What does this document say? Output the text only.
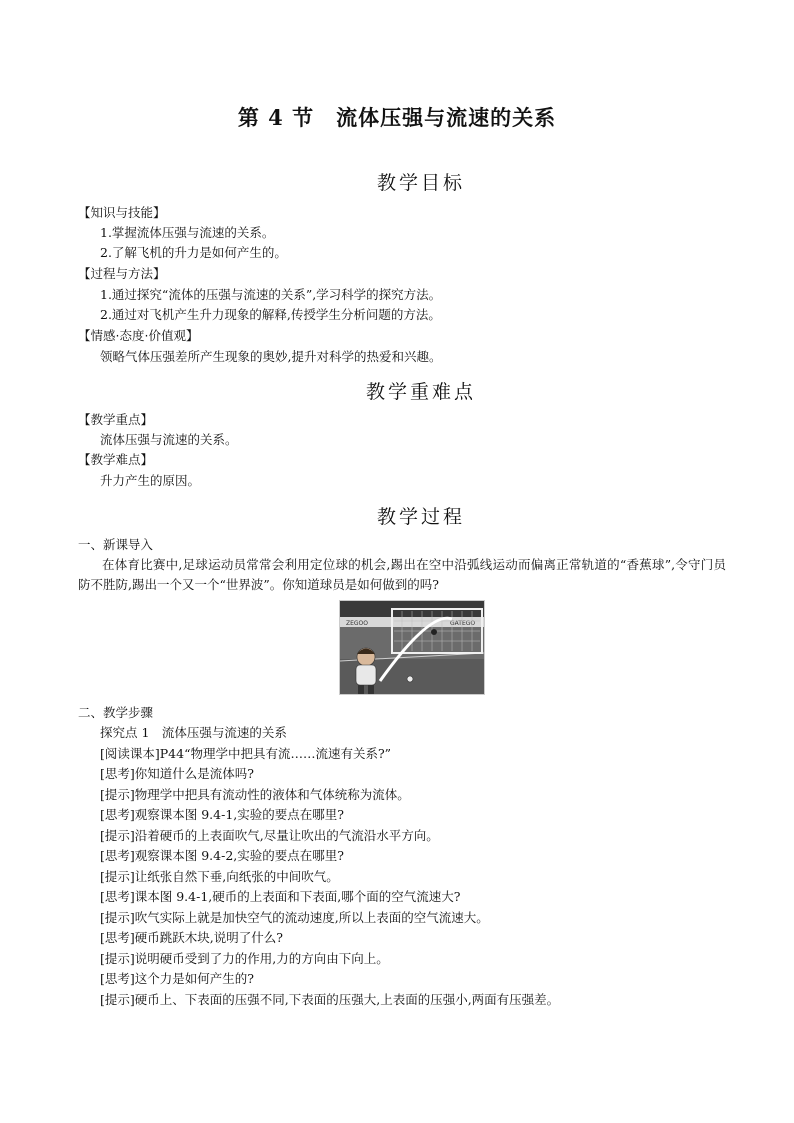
第 4 节　流体压强与流速的关系
教学目标
【知识与技能】
1.掌握流体压强与流速的关系。
2.了解飞机的升力是如何产生的。
【过程与方法】
1.通过探究“流体的压强与流速的关系”,学习科学的探究方法。
2.通过对飞机产生升力现象的解释,传授学生分析问题的方法。
【情感·态度·价值观】
领略气体压强差所产生现象的奥妙,提升对科学的热爱和兴趣。
教学重难点
【教学重点】
流体压强与流速的关系。
【教学难点】
升力产生的原因。
教学过程
一、新课导入
在体育比赛中,足球运动员常常会利用定位球的机会,踢出在空中沿弧线运动而偏离正常轨道的“香蕉球”,令守门员防不胜防,踢出一个又一个“世界波”。你知道球员是如何做到的吗?
ZEGOO	GATEGO
二、教学步骤
探究点 1　流体压强与流速的关系
[阅读课本]P44“物理学中把具有流……流速有关系?”
[思考]你知道什么是流体吗?
[提示]物理学中把具有流动性的液体和气体统称为流体。
[思考]观察课本图 9.4-1,实验的要点在哪里?
[提示]沿着硬币的上表面吹气,尽量让吹出的气流沿水平方向。
[思考]观察课本图 9.4-2,实验的要点在哪里?
[提示]让纸张自然下垂,向纸张的中间吹气。
[思考]课本图 9.4-1,硬币的上表面和下表面,哪个面的空气流速大?
[提示]吹气实际上就是加快空气的流动速度,所以上表面的空气流速大。
[思考]硬币跳跃木块,说明了什么?
[提示]说明硬币受到了力的作用,力的方向由下向上。
[思考]这个力是如何产生的?
[提示]硬币上、下表面的压强不同,下表面的压强大,上表面的压强小,两面有压强差。
